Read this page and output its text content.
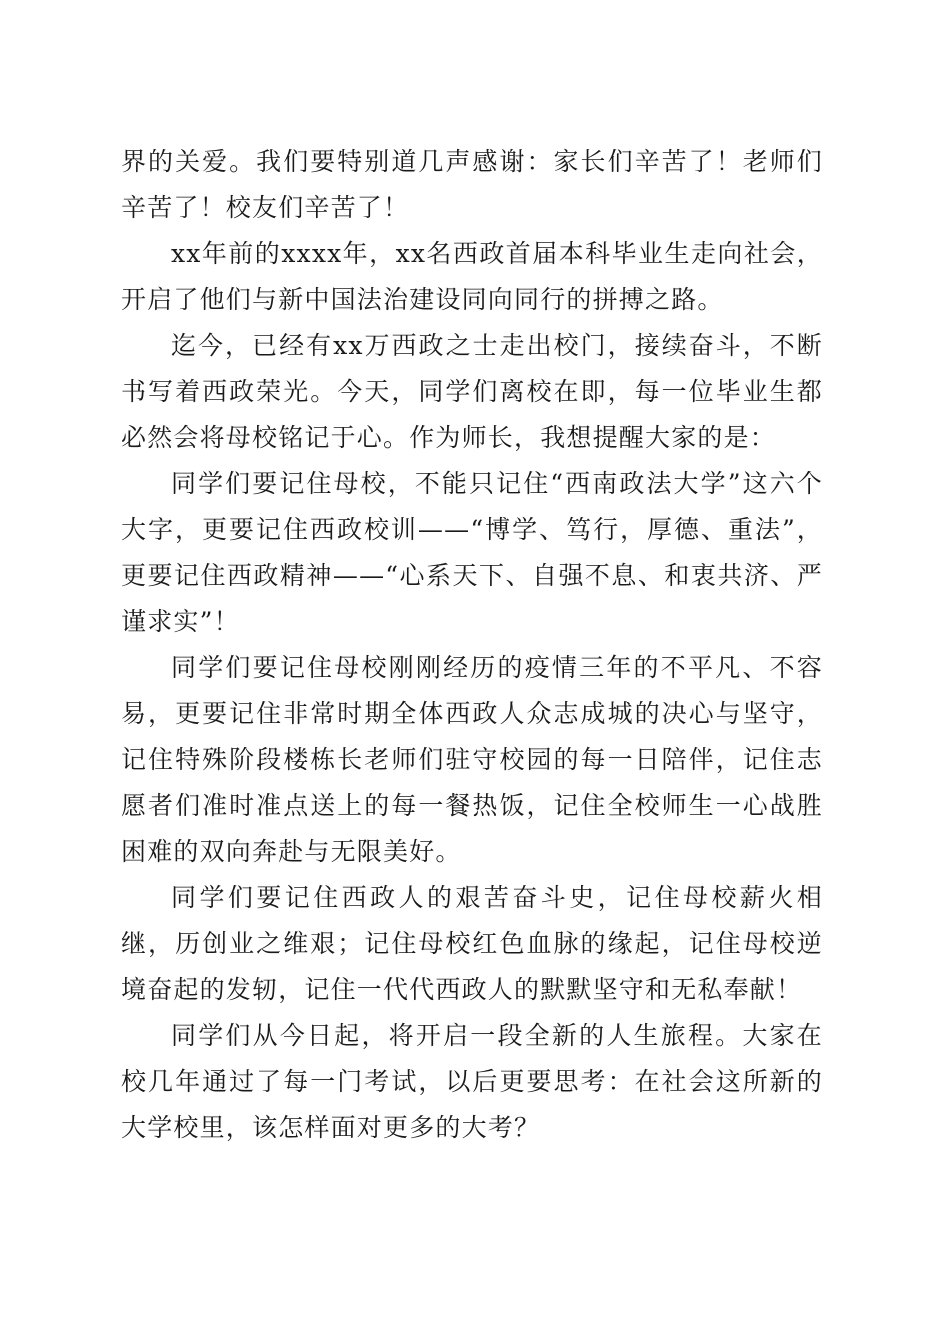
界的关爱。我们要特别道几声感谢：家长们辛苦了！老师们辛苦了！校友们辛苦了！

xx年前的xxxx年，xx名西政首届本科毕业生走向社会，开启了他们与新中国法治建设同向同行的拼搏之路。

迄今，已经有xx万西政之士走出校门，接续奋斗，不断书写着西政荣光。今天，同学们离校在即，每一位毕业生都必然会将母校铭记于心。作为师长，我想提醒大家的是：

同学们要记住母校，不能只记住“西南政法大学”这六个大字，更要记住西政校训——“博学、笃行，厚德、重法”，更要记住西政精神——“心系天下、自强不息、和衷共济、严谨求实”！

同学们要记住母校刚刚经历的疫情三年的不平凡、不容易，更要记住非常时期全体西政人众志成城的决心与坚守，记住特殊阶段楼栋长老师们驻守校园的每一日陪伴，记住志愿者们准时准点送上的每一餐热饭，记住全校师生一心战胜困难的双向奔赴与无限美好。

同学们要记住西政人的艰苦奋斗史，记住母校薪火相继，历创业之维艰；记住母校红色血脉的缘起，记住母校逆境奋起的发轫，记住一代代西政人的默默坚守和无私奉献！

同学们从今日起，将开启一段全新的人生旅程。大家在校几年通过了每一门考试，以后更要思考：在社会这所新的大学校里，该怎样面对更多的大考？
